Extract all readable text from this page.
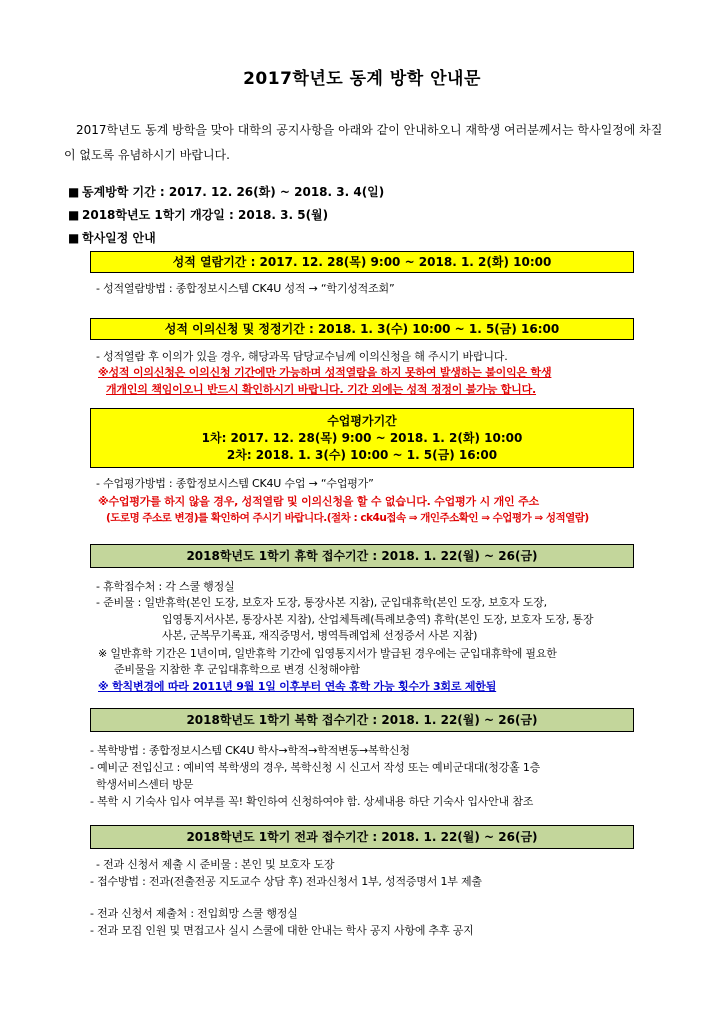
2017학년도 동계 방학 안내문
2017학년도 동계 방학을 맞아 대학의 공지사항을 아래와 같이 안내하오니 재학생 여러분께서는 학사일정에 차질이 없도록 유념하시기 바랍니다.
■ 동계방학 기간 : 2017. 12. 26(화) ~ 2018. 3. 4(일)
■ 2018학년도 1학기 개강일 : 2018. 3. 5(월)
■ 학사일정 안내
성적 열람기간 : 2017. 12. 28(목) 9:00 ~ 2018. 1. 2(화) 10:00
- 성적열람방법 : 종합정보시스템 CK4U 성적 → “학기성적조회”
성적 이의신청 및 정정기간 : 2018. 1. 3(수) 10:00 ~ 1. 5(금) 16:00
- 성적열람 후 이의가 있을 경우, 해당과목 담당교수님께 이의신청을 해 주시기 바랍니다.
※성적 이의신청은 이의신청 기간에만 가능하며 성적열람을 하지 못하여 발생하는 불이익은 학생
개개인의 책임이오니 반드시 확인하시기 바랍니다. 기간 외에는 성적 정정이 불가능 합니다.
수업평가기간
1차: 2017. 12. 28(목) 9:00 ~ 2018. 1. 2(화) 10:00
2차: 2018. 1. 3(수) 10:00 ~ 1. 5(금) 16:00
- 수업평가방법 : 종합정보시스템 CK4U 수업 → “수업평가”
※수업평가를 하지 않을 경우, 성적열람 및 이의신청을 할 수 없습니다. 수업평가 시 개인 주소
(도로명 주소로 변경)를 확인하여 주시기 바랍니다.(절차 : ck4u접속 ⇒ 개인주소확인 ⇒ 수업평가 ⇒ 성적열람)
2018학년도 1학기 휴학 접수기간 : 2018. 1. 22(월) ~ 26(금)
- 휴학접수처 : 각 스쿨 행정실
- 준비물 : 일반휴학(본인 도장, 보호자 도장, 통장사본 지참), 군입대휴학(본인 도장, 보호자 도장,
입영통지서사본, 통장사본 지참), 산업체특례(특례보충역) 휴학(본인 도장, 보호자 도장, 통장
사본, 군복무기록표, 재직증명서, 병역특례업체 선정증서 사본 지참)
※ 일반휴학 기간은 1년이며, 일반휴학 기간에 입영통지서가 발급된 경우에는 군입대휴학에 필요한
준비물을 지참한 후 군입대휴학으로 변경 신청해야함
※ 학칙변경에 따라 2011년 9월 1일 이후부터 연속 휴학 가능 횟수가 3회로 제한됨
2018학년도 1학기 복학 접수기간 : 2018. 1. 22(월) ~ 26(금)
- 복학방법 : 종합정보시스템 CK4U 학사→학적→학적변동→복학신청
- 예비군 전입신고 : 예비역 복학생의 경우, 복학신청 시 신고서 작성 또는 예비군대대(청강홀 1층
학생서비스센터 방문
- 복학 시 기숙사 입사 여부를 꼭! 확인하여 신청하여야 함. 상세내용 하단 기숙사 입사안내 참조
2018학년도 1학기 전과 접수기간 : 2018. 1. 22(월) ~ 26(금)
- 전과 신청서 제출 시 준비물 : 본인 및 보호자 도장
- 접수방법 : 전과(전출전공 지도교수 상담 후) 전과신청서 1부, 성적증명서 1부 제출
- 전과 신청서 제출처 : 전입희망 스쿨 행정실
- 전과 모집 인원 및 면접고사 실시 스쿨에 대한 안내는 학사 공지 사항에 추후 공지
